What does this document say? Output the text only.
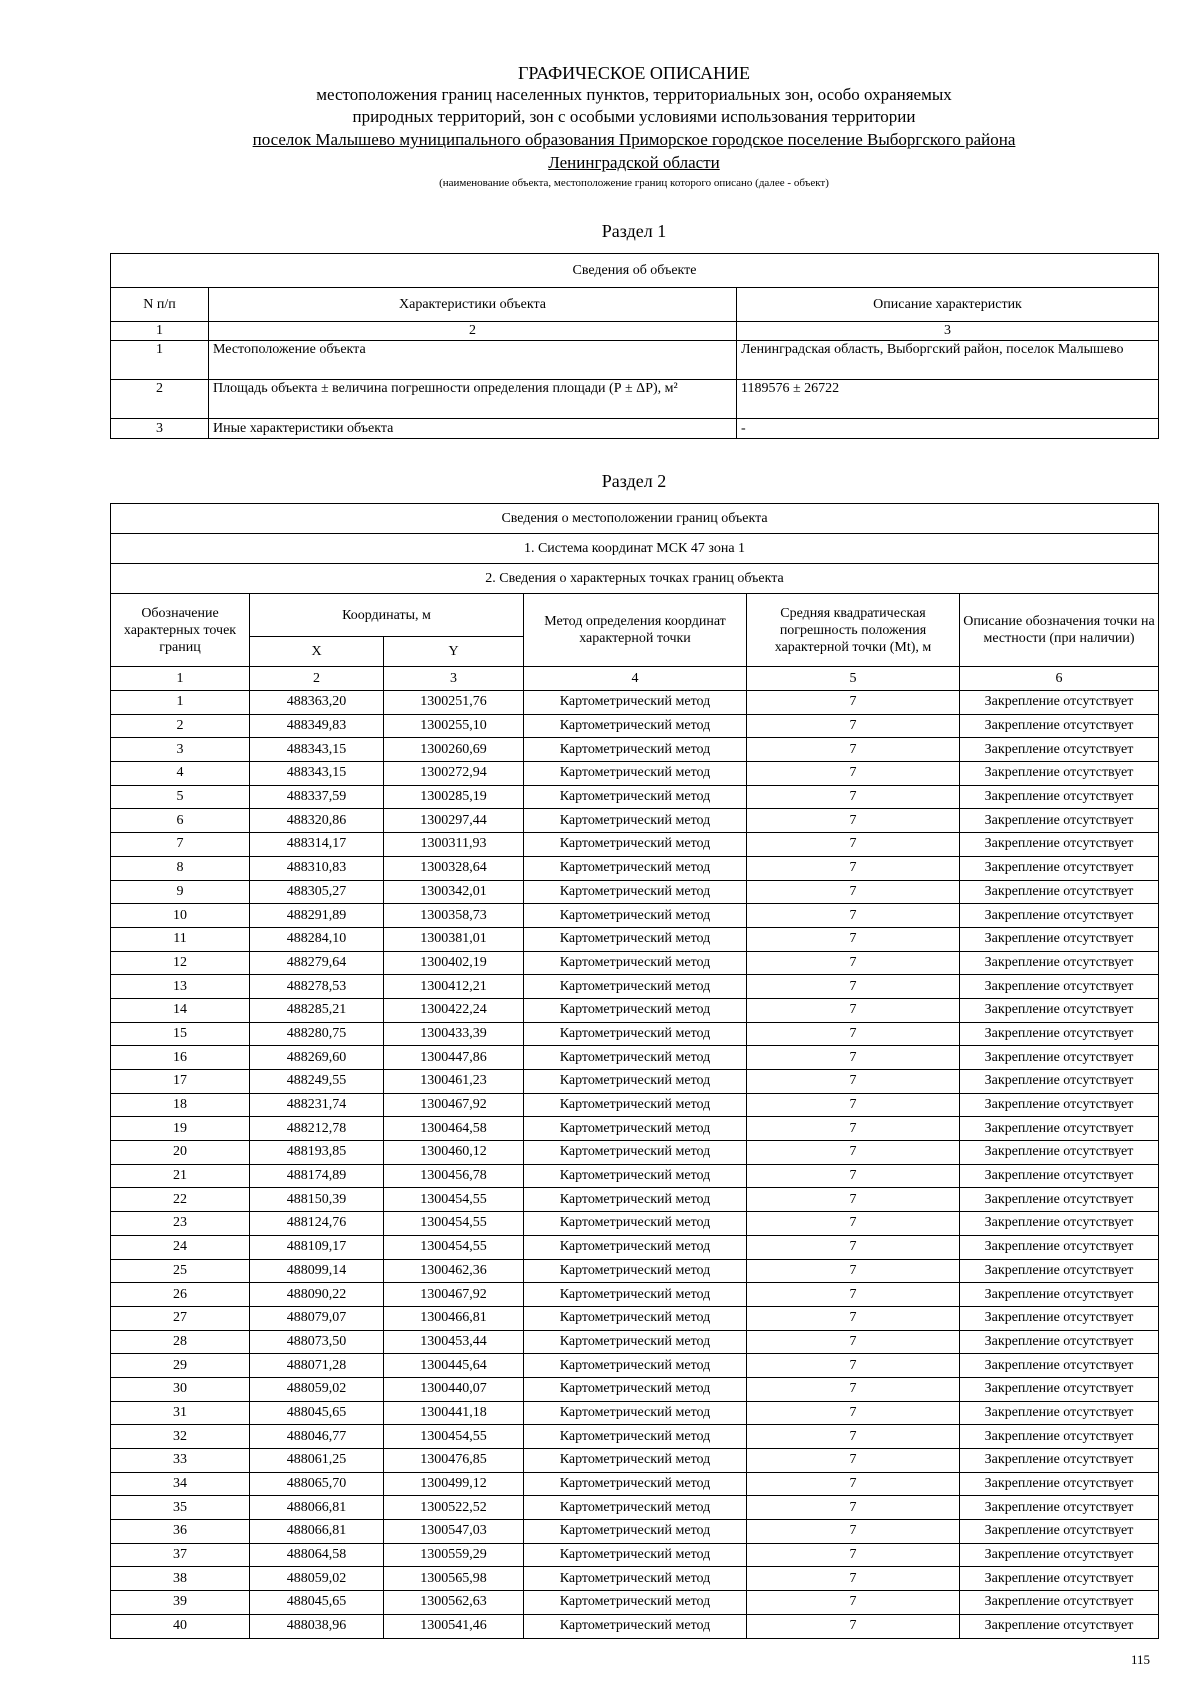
ГРАФИЧЕСКОЕ ОПИСАНИЕ
местоположения границ населенных пунктов, территориальных зон, особо охраняемых
природных территорий, зон с особыми условиями использования территории
поселок Малышево муниципального образования Приморское городское поселение Выборгского района
Ленинградской области
(наименование объекта, местоположение границ которого описано (далее - объект)
Раздел 1
Сведения об объекте		
N п/п	Характеристики объекта	Описание характеристик
1	2	3
1	Местоположение объекта	Ленинградская область, Выборгский район, поселок Малышево
2	Площадь объекта ± величина погрешности определения площади (Р ± ΔР), м²	1189576 ± 26722
3	Иные характеристики объекта	-
Раздел 2
Сведения о местоположении границ объекта					
1. Система координат МСК 47 зона 1					
2. Сведения о характерных точках границ объекта					
Обозначение характерных точек границ	Координаты, м		Метод определения координат характерной точки	Средняя квадратическая погрешность положения характерной точки (Mt), м	Описание обозначения точки на местности (при наличии)
	X	Y			
1	2	3	4	5	6
1	488363,20	1300251,76	Картометрический метод	7	Закрепление отсутствует
2	488349,83	1300255,10	Картометрический метод	7	Закрепление отсутствует
3	488343,15	1300260,69	Картометрический метод	7	Закрепление отсутствует
4	488343,15	1300272,94	Картометрический метод	7	Закрепление отсутствует
5	488337,59	1300285,19	Картометрический метод	7	Закрепление отсутствует
6	488320,86	1300297,44	Картометрический метод	7	Закрепление отсутствует
7	488314,17	1300311,93	Картометрический метод	7	Закрепление отсутствует
8	488310,83	1300328,64	Картометрический метод	7	Закрепление отсутствует
9	488305,27	1300342,01	Картометрический метод	7	Закрепление отсутствует
10	488291,89	1300358,73	Картометрический метод	7	Закрепление отсутствует
11	488284,10	1300381,01	Картометрический метод	7	Закрепление отсутствует
12	488279,64	1300402,19	Картометрический метод	7	Закрепление отсутствует
13	488278,53	1300412,21	Картометрический метод	7	Закрепление отсутствует
14	488285,21	1300422,24	Картометрический метод	7	Закрепление отсутствует
15	488280,75	1300433,39	Картометрический метод	7	Закрепление отсутствует
16	488269,60	1300447,86	Картометрический метод	7	Закрепление отсутствует
17	488249,55	1300461,23	Картометрический метод	7	Закрепление отсутствует
18	488231,74	1300467,92	Картометрический метод	7	Закрепление отсутствует
19	488212,78	1300464,58	Картометрический метод	7	Закрепление отсутствует
20	488193,85	1300460,12	Картометрический метод	7	Закрепление отсутствует
21	488174,89	1300456,78	Картометрический метод	7	Закрепление отсутствует
22	488150,39	1300454,55	Картометрический метод	7	Закрепление отсутствует
23	488124,76	1300454,55	Картометрический метод	7	Закрепление отсутствует
24	488109,17	1300454,55	Картометрический метод	7	Закрепление отсутствует
25	488099,14	1300462,36	Картометрический метод	7	Закрепление отсутствует
26	488090,22	1300467,92	Картометрический метод	7	Закрепление отсутствует
27	488079,07	1300466,81	Картометрический метод	7	Закрепление отсутствует
28	488073,50	1300453,44	Картометрический метод	7	Закрепление отсутствует
29	488071,28	1300445,64	Картометрический метод	7	Закрепление отсутствует
30	488059,02	1300440,07	Картометрический метод	7	Закрепление отсутствует
31	488045,65	1300441,18	Картометрический метод	7	Закрепление отсутствует
32	488046,77	1300454,55	Картометрический метод	7	Закрепление отсутствует
33	488061,25	1300476,85	Картометрический метод	7	Закрепление отсутствует
34	488065,70	1300499,12	Картометрический метод	7	Закрепление отсутствует
35	488066,81	1300522,52	Картометрический метод	7	Закрепление отсутствует
36	488066,81	1300547,03	Картометрический метод	7	Закрепление отсутствует
37	488064,58	1300559,29	Картометрический метод	7	Закрепление отсутствует
38	488059,02	1300565,98	Картометрический метод	7	Закрепление отсутствует
39	488045,65	1300562,63	Картометрический метод	7	Закрепление отсутствует
40	488038,96	1300541,46	Картометрический метод	7	Закрепление отсутствует
115
